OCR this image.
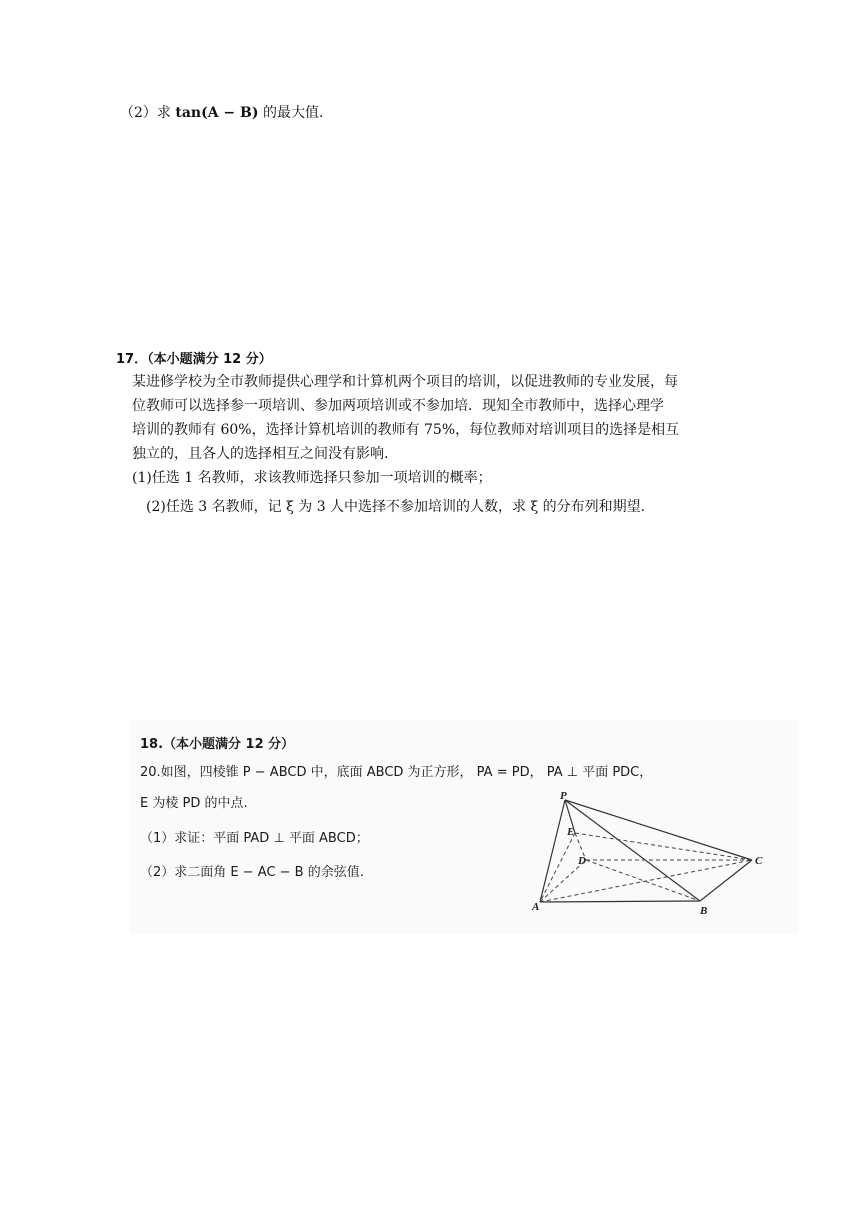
（2）求 tan(A − B) 的最大值.
17．（本小题满分 12 分）
某进修学校为全市教师提供心理学和计算机两个项目的培训，以促进教师的专业发展，每
位教师可以选择参一项培训、参加两项培训或不参加培．现知全市教师中，选择心理学
培训的教师有 60%，选择计算机培训的教师有 75%，每位教师对培训项目的选择是相互
独立的，且各人的选择相互之间没有影响.
(1)任选 1 名教师，求该教师选择只参加一项培训的概率；
(2)任选 3 名教师，记 ξ 为 3 人中选择不参加培训的人数，求 ξ 的分布列和期望.
18.（本小题满分 12 分）
20.如图，四棱锥 P − ABCD 中，底面 ABCD 为正方形， PA = PD， PA ⊥ 平面 PDC，
E 为棱 PD 的中点.
（1）求证：平面 PAD ⊥ 平面 ABCD；
（2）求二面角 E − AC − B 的余弦值.
P
E
D	C
A	B
